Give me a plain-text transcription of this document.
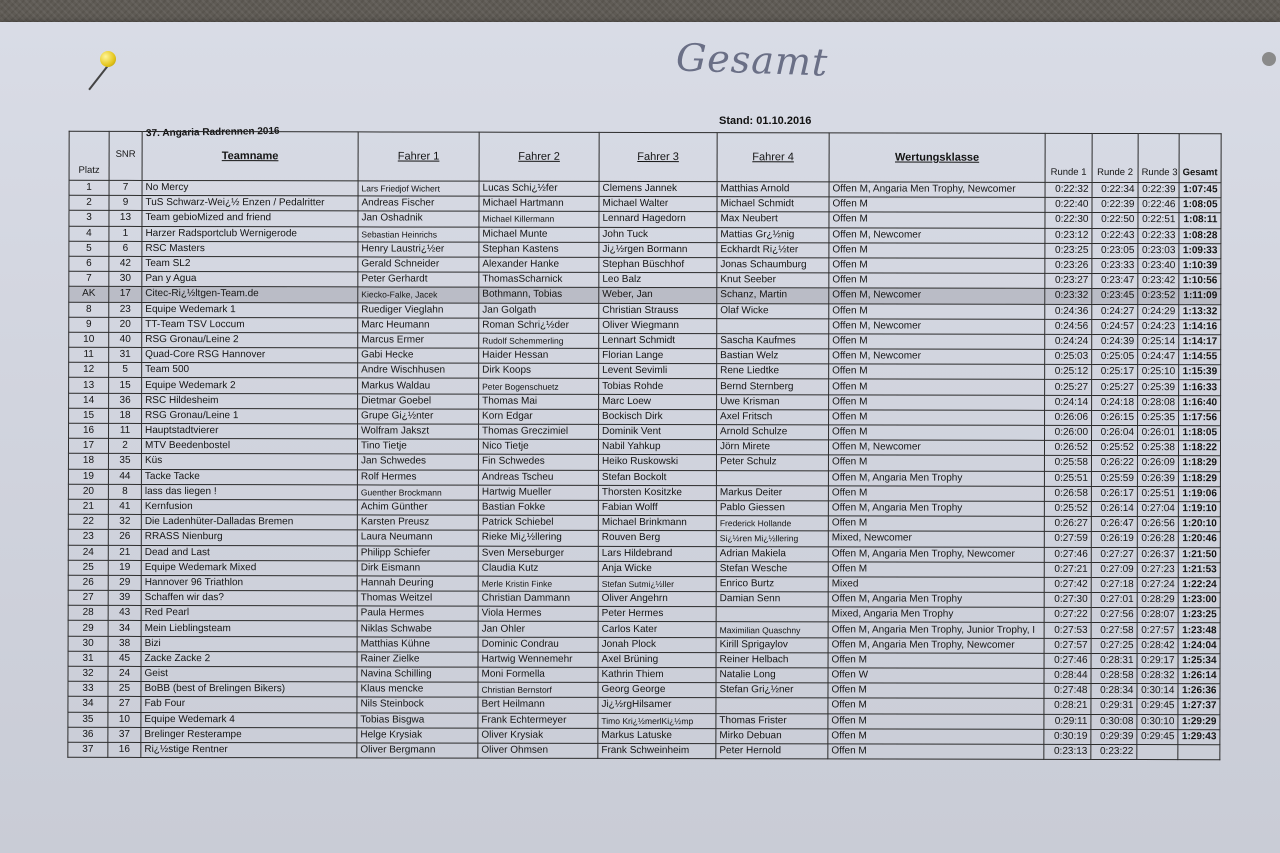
Gesamt
Stand: 01.10.2016
37. Angaria Radrennen 2016
Platz	SNR	Teamname	Fahrer 1	Fahrer 2	Fahrer 3	Fahrer 4	Wertungsklasse	Runde 1	Runde 2	Runde 3	Gesamt
1	7	No Mercy	Lars Friedjof Wichert	Lucas Schi¿½fer	Clemens Jannek	Matthias Arnold	Offen M, Angaria Men Trophy, Newcomer	0:22:32	0:22:34	0:22:39	1:07:45
2	9	TuS Schwarz-Wei¿½ Enzen / Pedalritter	Andreas Fischer	Michael Hartmann	Michael Walter	Michael Schmidt	Offen M	0:22:40	0:22:39	0:22:46	1:08:05
3	13	Team gebioMized and friend	Jan Oshadnik	Michael Killermann	Lennard Hagedorn	Max Neubert	Offen M	0:22:30	0:22:50	0:22:51	1:08:11
4	1	Harzer Radsportclub Wernigerode	Sebastian Heinrichs	Michael Munte	John Tuck	Mattias Gr¿½nig	Offen M, Newcomer	0:23:12	0:22:43	0:22:33	1:08:28
5	6	RSC Masters	Henry Laustri¿½er	Stephan Kastens	Ji¿½rgen Bormann	Eckhardt Ri¿½ter	Offen M	0:23:25	0:23:05	0:23:03	1:09:33
6	42	Team SL2	Gerald Schneider	Alexander Hanke	Stephan Büschhof	Jonas Schaumburg	Offen M	0:23:26	0:23:33	0:23:40	1:10:39
7	30	Pan y Agua	Peter Gerhardt	ThomasScharnick	Leo Balz	Knut Seeber	Offen M	0:23:27	0:23:47	0:23:42	1:10:56
AK	17	Citec-Ri¿½ltgen-Team.de	Kiecko-Falke, Jacek	Bothmann, Tobias	Weber, Jan	Schanz, Martin	Offen M, Newcomer	0:23:32	0:23:45	0:23:52	1:11:09
8	23	Equipe Wedemark 1	Ruediger Vieglahn	Jan Golgath	Christian Strauss	Olaf Wicke	Offen M	0:24:36	0:24:27	0:24:29	1:13:32
9	20	TT-Team TSV Loccum	Marc Heumann	Roman Schri¿½der	Oliver Wiegmann		Offen M, Newcomer	0:24:56	0:24:57	0:24:23	1:14:16
10	40	RSG Gronau/Leine 2	Marcus Ermer	Rudolf Schemmerling	Lennart Schmidt	Sascha Kaufmes	Offen M	0:24:24	0:24:39	0:25:14	1:14:17
11	31	Quad-Core RSG Hannover	Gabi Hecke	Haider Hessan	Florian Lange	Bastian Welz	Offen M, Newcomer	0:25:03	0:25:05	0:24:47	1:14:55
12	5	Team 500	Andre Wischhusen	Dirk Koops	Levent Sevimli	Rene Liedtke	Offen M	0:25:12	0:25:17	0:25:10	1:15:39
13	15	Equipe Wedemark 2	Markus Waldau	Peter Bogenschuetz	Tobias Rohde	Bernd Sternberg	Offen M	0:25:27	0:25:27	0:25:39	1:16:33
14	36	RSC Hildesheim	Dietmar Goebel	Thomas Mai	Marc Loew	Uwe Krisman	Offen M	0:24:14	0:24:18	0:28:08	1:16:40
15	18	RSG Gronau/Leine 1	Grupe Gi¿½nter	Korn Edgar	Bockisch Dirk	Axel Fritsch	Offen M	0:26:06	0:26:15	0:25:35	1:17:56
16	11	Hauptstadtvierer	Wolfram Jakszt	Thomas Greczimiel	Dominik Vent	Arnold Schulze	Offen M	0:26:00	0:26:04	0:26:01	1:18:05
17	2	MTV Beedenbostel	Tino Tietje	Nico Tietje	Nabil Yahkup	Jörn Mirete	Offen M, Newcomer	0:26:52	0:25:52	0:25:38	1:18:22
18	35	Küs	Jan Schwedes	Fin Schwedes	Heiko Ruskowski	Peter Schulz	Offen M	0:25:58	0:26:22	0:26:09	1:18:29
19	44	Tacke Tacke	Rolf Hermes	Andreas Tscheu	Stefan Bockolt		Offen M, Angaria Men Trophy	0:25:51	0:25:59	0:26:39	1:18:29
20	8	lass das liegen !	Guenther Brockmann	Hartwig Mueller	Thorsten Kositzke	Markus Deiter	Offen M	0:26:58	0:26:17	0:25:51	1:19:06
21	41	Kernfusion	Achim Günther	Bastian Fokke	Fabian Wolff	Pablo Giessen	Offen M, Angaria Men Trophy	0:25:52	0:26:14	0:27:04	1:19:10
22	32	Die Ladenhüter-Dalladas Bremen	Karsten Preusz	Patrick Schiebel	Michael Brinkmann	Frederick Hollande	Offen M	0:26:27	0:26:47	0:26:56	1:20:10
23	26	RRASS Nienburg	Laura Neumann	Rieke Mi¿½llering	Rouven Berg	Si¿½ren Mi¿½llering	Mixed, Newcomer	0:27:59	0:26:19	0:26:28	1:20:46
24	21	Dead and Last	Philipp Schiefer	Sven Merseburger	Lars Hildebrand	Adrian Makiela	Offen M, Angaria Men Trophy, Newcomer	0:27:46	0:27:27	0:26:37	1:21:50
25	19	Equipe Wedemark Mixed	Dirk Eismann	Claudia Kutz	Anja Wicke	Stefan Wesche	Offen M	0:27:21	0:27:09	0:27:23	1:21:53
26	29	Hannover 96 Triathlon	Hannah Deuring	Merle Kristin Finke	Stefan Sutmi¿½ller	Enrico Burtz	Mixed	0:27:42	0:27:18	0:27:24	1:22:24
27	39	Schaffen wir das?	Thomas Weitzel	Christian Dammann	Oliver Angehrn	Damian Senn	Offen M, Angaria Men Trophy	0:27:30	0:27:01	0:28:29	1:23:00
28	43	Red Pearl	Paula Hermes	Viola Hermes	Peter Hermes		Mixed, Angaria Men Trophy	0:27:22	0:27:56	0:28:07	1:23:25
29	34	Mein Lieblingsteam	Niklas Schwabe	Jan Ohler	Carlos Kater	Maximilian Quaschny	Offen M, Angaria Men Trophy, Junior Trophy, I	0:27:53	0:27:58	0:27:57	1:23:48
30	38	Bizi	Matthias Kühne	Dominic Condrau	Jonah Plock	Kirill Sprigaylov	Offen M, Angaria Men Trophy, Newcomer	0:27:57	0:27:25	0:28:42	1:24:04
31	45	Zacke Zacke 2	Rainer Zielke	Hartwig Wennemehr	Axel Brüning	Reiner Helbach	Offen M	0:27:46	0:28:31	0:29:17	1:25:34
32	24	Geist	Navina Schilling	Moni Formella	Kathrin Thiem	Natalie Long	Offen W	0:28:44	0:28:58	0:28:32	1:26:14
33	25	BoBB (best of Brelingen Bikers)	Klaus mencke	Christian Bernstorf	Georg George	Stefan Gri¿½ner	Offen M	0:27:48	0:28:34	0:30:14	1:26:36
34	27	Fab Four	Nils Steinbock	Bert Heilmann	Ji¿½rgHilsamer		Offen M	0:28:21	0:29:31	0:29:45	1:27:37
35	10	Equipe Wedemark 4	Tobias Bisgwa	Frank Echtermeyer	Timo Kri¿½merlKi¿½mp	Thomas Frister	Offen M	0:29:11	0:30:08	0:30:10	1:29:29
36	37	Brelinger Resterampe	Helge Krysiak	Oliver Krysiak	Markus Latuske	Mirko Debuan	Offen M	0:30:19	0:29:39	0:29:45	1:29:43
37	16	Ri¿½stige Rentner	Oliver Bergmann	Oliver Ohmsen	Frank Schweinheim	Peter Hernold	Offen M	0:23:13	0:23:22		
